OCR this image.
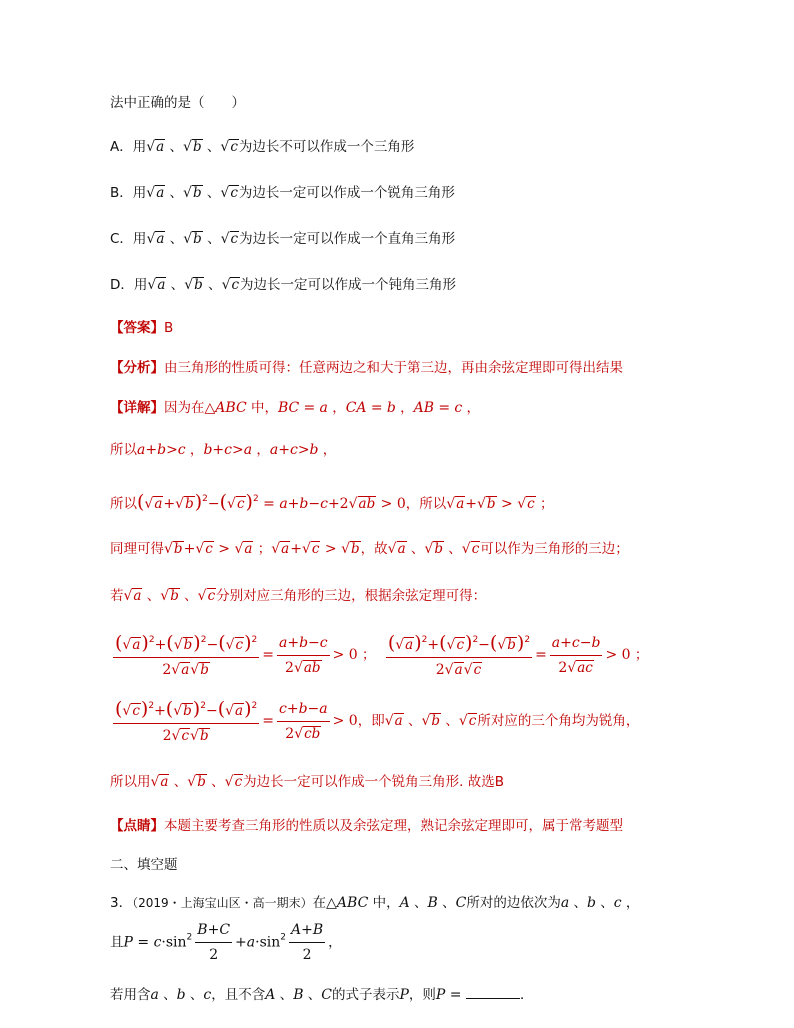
法中正确的是（　　）
A．用√a 、√b 、√c为边长不可以作成一个三角形
B．用√a 、√b 、√c为边长一定可以作成一个锐角三角形
C．用√a 、√b 、√c为边长一定可以作成一个直角三角形
D．用√a 、√b 、√c为边长一定可以作成一个钝角三角形
【答案】B
【分析】由三角形的性质可得：任意两边之和大于第三边，再由余弦定理即可得出结果
【详解】因为在△ABC 中，BC = a ，CA = b ，AB = c ，
所以a+b>c ，b+c>a ，a+c>b ，
所以$(√a+√b)^2-(√c)^2 = a+b-c+2√ab > 0$，所以√a+√b > √c ；
同理可得√b+√c > √a ；√a+√c > √b，故√a 、√b 、√c可以作为三角形的三边；
若√a 、√b 、√c分别对应三角形的三边，根据余弦定理可得：
$\frac{(√a)^2+(√b)^2-(√c)^2}{2√a√b} = \frac{a+b-c}{2√ab} > 0$ ； $\frac{(√a)^2+(√c)^2-(√b)^2}{2√a√c} = \frac{a+c-b}{2√ac} > 0$ ；
$\frac{(√c)^2+(√b)^2-(√a)^2}{2√c√b} = \frac{c+b-a}{2√cb} > 0$，即√a 、√b 、√c所对应的三个角均为锐角，
所以用√a 、√b 、√c为边长一定可以作成一个锐角三角形. 故选B
【点睛】本题主要考查三角形的性质以及余弦定理，熟记余弦定理即可，属于常考题型
二、填空题
3．（2019・上海宝山区・高一期末）在△ABC 中，A 、B 、C所对的边依次为a 、b 、c ，
且$P = c\cdot\sin^2 \frac{B+C}{2} +a\cdot\sin^2 \frac{A+B}{2}$ ，
若用含a 、b 、c，且不含A 、B 、C的式子表示P，则P =	．
